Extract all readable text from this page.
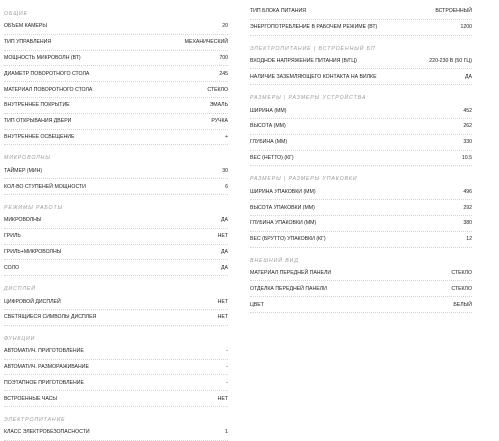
ОБЩИЕ
ОБЪЕМ КАМЕРЫ	20
ТИП УПРАВЛЕНИЯ	МЕХАНИЧЕСКИЙ
МОЩНОСТЬ МИКРОВОЛН (ВТ)	700
ДИАМЕТР ПОВОРОТНОГО СТОЛА	245
МАТЕРИАЛ ПОВОРОТНОГО СТОЛА	СТЕКЛО
ВНУТРЕННЕЕ ПОКРЫТИЕ	ЭМАЛЬ
ТИП ОТКРЫВАНИЯ ДВЕРИ	РУЧКА
ВНУТРЕННЕЕ ОСВЕЩЕНИЕ	+
МИКРОВОЛНЫ
ТАЙМЕР (МИН)	30
КОЛ-ВО СТУПЕНЕЙ МОЩНОСТИ	6
РЕЖИМЫ РАБОТЫ
МИКРОВОЛНЫ	ДА
ГРИЛЬ	НЕТ
ГРИЛЬ+МИКРОВОЛНЫ	ДА
СОЛО	ДА
ДИСПЛЕЙ
ЦИФРОВОЙ ДИСПЛЕЙ	НЕТ
СВЕТЯЩИЕСЯ СИМВОЛЫ ДИСПЛЕЯ	НЕТ
ФУНКЦИИ
АВТОМАТИЧ. ПРИГОТОВЛЕНИЕ	-
АВТОМАТИЧ. РАЗМОРАЖИВАНИЕ	-
ПОЭТАПНОЕ ПРИГОТОВЛЕНИЕ	-
ВСТРОЕННЫЕ ЧАСЫ	НЕТ
ЭЛЕКТРОПИТАНИЕ
КЛАСС ЭЛЕКТРОБЕЗОПАСНОСТИ	1
ТИП БЛОКА ПИТАНИЯ	ВСТРОЕННЫЙ
ЭНЕРГОПОТРЕБЛЕНИЕ В РАБОЧЕМ РЕЖИМЕ (ВТ)	1200
ЭЛЕКТРОПИТАНИЕ | ВСТРОЕННЫЙ БП
ВХОДНОЕ НАПРЯЖЕНИЕ ПИТАНИЯ (В/ГЦ)	220-230 В (50 ГЦ)
НАЛИЧИЕ ЗАЗЕМЛЯЮЩЕГО КОНТАКТА НА ВИЛКЕ	ДА
РАЗМЕРЫ | РАЗМЕРЫ УСТРОЙСТВА
ШИРИНА (ММ)	452
ВЫСОТА (ММ)	262
ГЛУБИНА (ММ)	330
ВЕС (НЕТТО) (КГ)	10.5
РАЗМЕРЫ | РАЗМЕРЫ УПАКОВКИ
ШИРИНА УПАКОВКИ (ММ)	496
ВЫСОТА УПАКОВКИ (ММ)	292
ГЛУБИНА УПАКОВКИ (ММ)	380
ВЕС (БРУТТО) УПАКОВКИ (КГ)	12
ВНЕШНИЙ ВИД
МАТЕРИАЛ ПЕРЕДНЕЙ ПАНЕЛИ	СТЕКЛО
ОТДЕЛКА ПЕРЕДНЕЙ ПАНЕЛИ	СТЕКЛО
ЦВЕТ	БЕЛЫЙ
